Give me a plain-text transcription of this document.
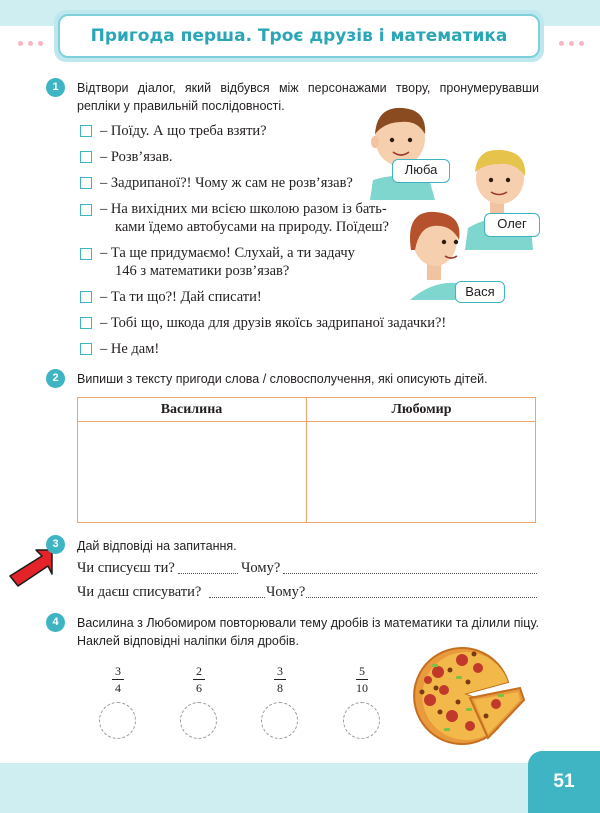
Пригода перша. Троє друзів і математика
1	Відтвори діалог, який відбувся між персонажами твору, пронумерувавши репліки у правильній послідовності.
– Поїду. А що треба взяти?
– Розв’язав.
– Задрипаної?! Чому ж сам не розв’язав?
– На вихідних ми всією школою разом із бать-
ками їдемо автобусами на природу. Поїдеш?
– Та ще придумаємо! Слухай, а ти задачу
146 з математики розв’язав?
– Та ти що?! Дай списати!
– Тобі що, шкода для друзів якоїсь задрипаної задачки?!
– Не дам!
Люба
Олег
Вася
2	Випиши з тексту пригоди слова / словосполучення, які описують дітей.
Василина	Любомир
3	Дай відповіді на запитання.
Чи списуєш ти?	Чому?
Чи даєш списувати?	Чому?
4	Василина з Любомиром повторювали тему дробів із математики та ділили піцу.
Наклей відповідні наліпки біля дробів.
3
4
2
6
3
8
5
10
51
